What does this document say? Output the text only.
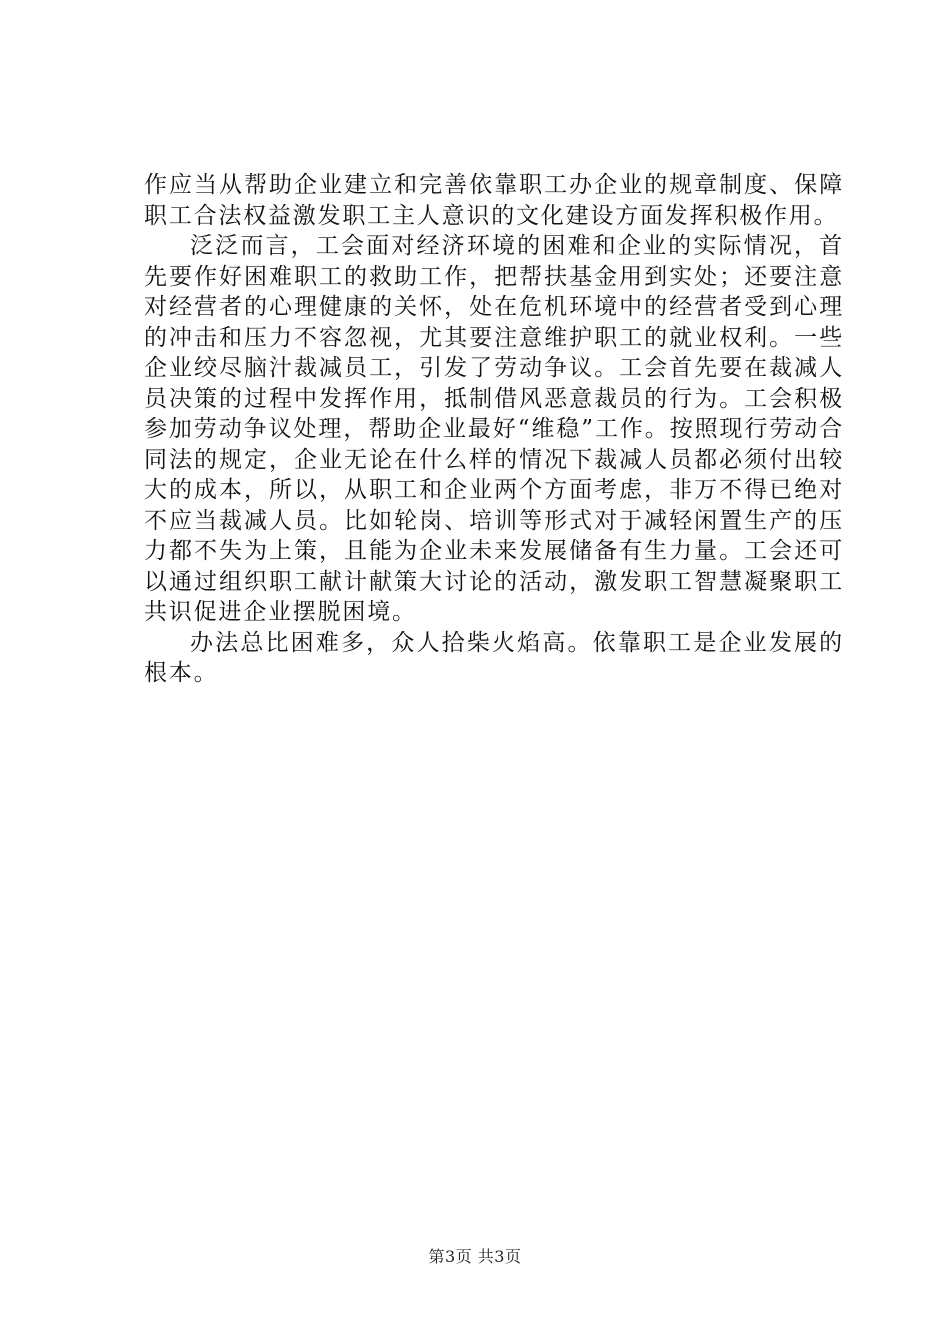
作应当从帮助企业建立和完善依靠职工办企业的规章制度、保障职工合法权益激发职工主人意识的文化建设方面发挥积极作用。

泛泛而言，工会面对经济环境的困难和企业的实际情况，首先要作好困难职工的救助工作，把帮扶基金用到实处；还要注意对经营者的心理健康的关怀，处在危机环境中的经营者受到心理的冲击和压力不容忽视，尤其要注意维护职工的就业权利。一些企业绞尽脑汁裁减员工，引发了劳动争议。工会首先要在裁减人员决策的过程中发挥作用，抵制借风恶意裁员的行为。工会积极参加劳动争议处理，帮助企业最好“维稳”工作。按照现行劳动合同法的规定，企业无论在什么样的情况下裁减人员都必须付出较大的成本，所以，从职工和企业两个方面考虑，非万不得已绝对不应当裁减人员。比如轮岗、培训等形式对于减轻闲置生产的压力都不失为上策，且能为企业未来发展储备有生力量。工会还可以通过组织职工献计献策大讨论的活动，激发职工智慧凝聚职工共识促进企业摆脱困境。

办法总比困难多，众人拾柴火焰高。依靠职工是企业发展的根本。

第3页 共3页
